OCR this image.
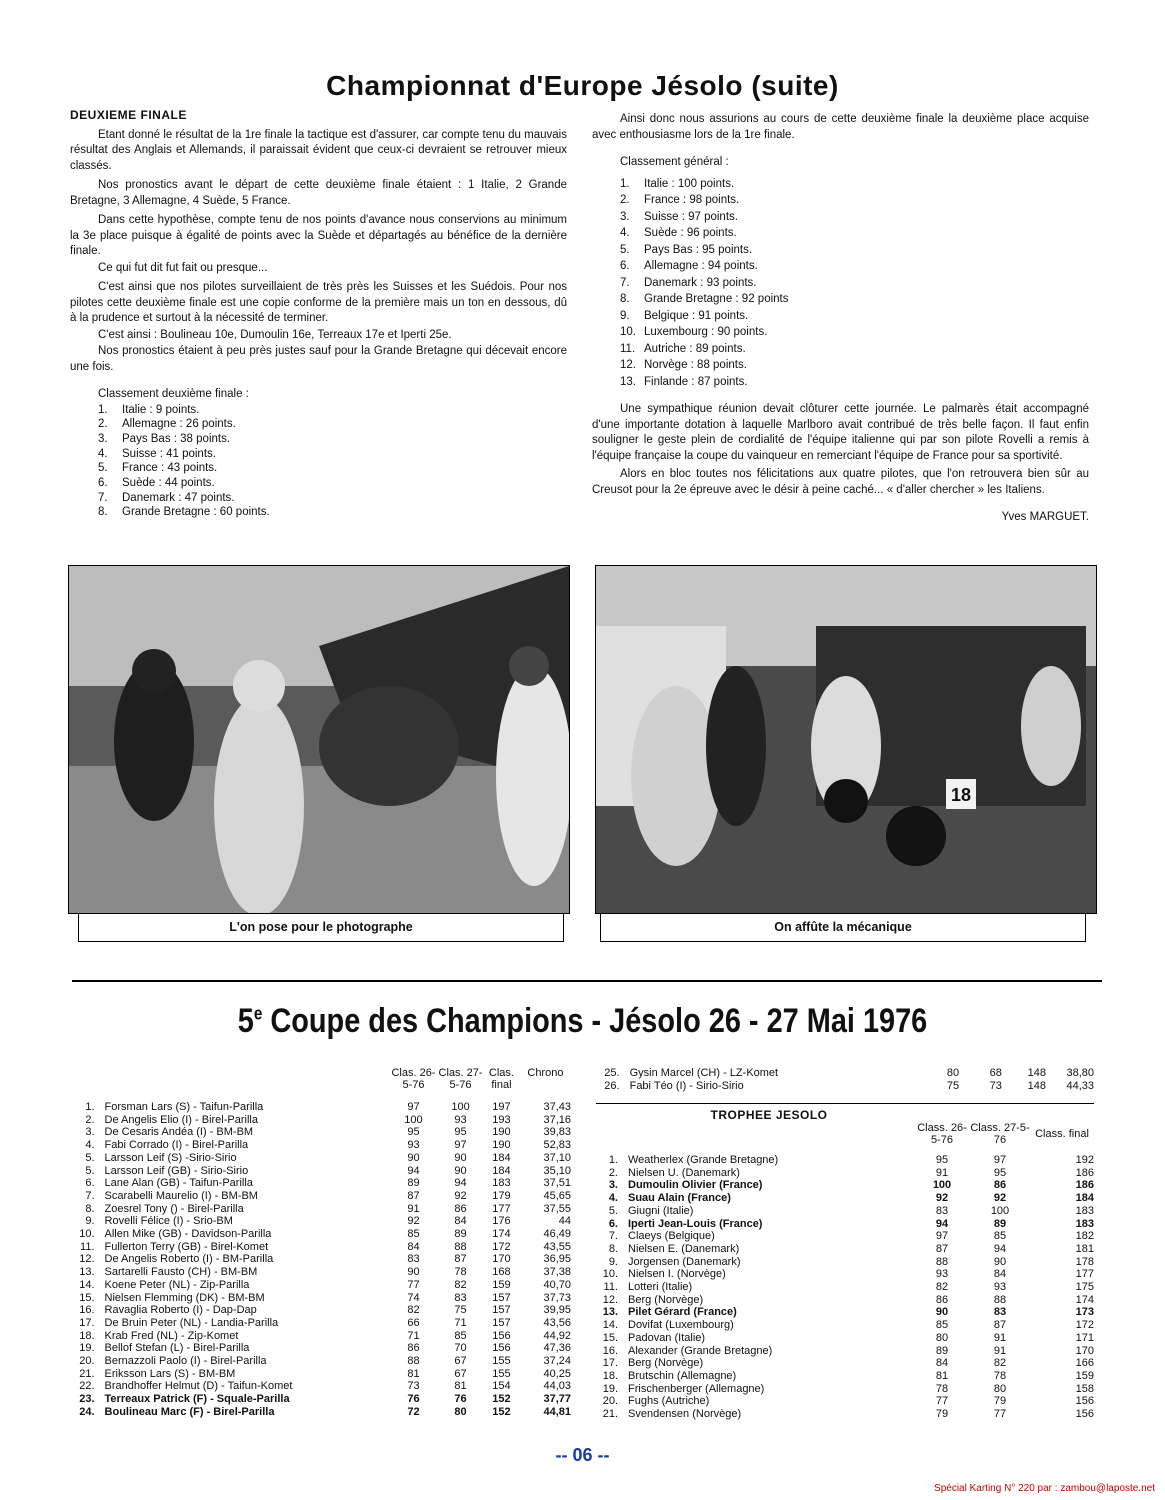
Championnat d'Europe Jésolo (suite)
DEUXIEME FINALE

Etant donné le résultat de la 1re finale la tactique est d'assurer, car compte tenu du mauvais résultat des Anglais et Allemands, il paraissait évident que ceux-ci devraient se retrouver mieux classés.

Nos pronostics avant le départ de cette deuxième finale étaient : 1 Italie, 2 Grande Bretagne, 3 Allemagne, 4 Suède, 5 France.

Dans cette hypothèse, compte tenu de nos points d'avance nous conservions au minimum la 3e place puisque à égalité de points avec la Suède et départagés au bénéfice de la dernière finale.

Ce qui fut dit fut fait ou presque...

C'est ainsi que nos pilotes surveillaient de très près les Suisses et les Suédois. Pour nos pilotes cette deuxième finale est une copie conforme de la première mais un ton en dessous, dû à la prudence et surtout à la nécessité de terminer.

C'est ainsi : Boulineau 10e, Dumoulin 16e, Terreaux 17e et Iperti 25e.

Nos pronostics étaient à peu près justes sauf pour la Grande Bretagne qui décevait encore une fois.

Classement deuxième finale :
1.	Italie : 9 points.
2.	Allemagne : 26 points.
3.	Pays Bas : 38 points.
4.	Suisse : 41 points.
5.	France : 43 points.
6.	Suède : 44 points.
7.	Danemark : 47 points.
8.	Grande Bretagne : 60 points.

Ainsi donc nous assurions au cours de cette deuxième finale la deuxième place acquise avec enthousiasme lors de la 1re finale.

Classement général :
1.	Italie : 100 points.
2.	France : 98 points.
3.	Suisse : 97 points.
4.	Suède : 96 points.
5.	Pays Bas : 95 points.
6.	Allemagne : 94 points.
7.	Danemark : 93 points.
8.	Grande Bretagne : 92 points
9.	Belgique : 91 points.
10. Luxembourg : 90 points.
11. Autriche : 89 points.
12. Norvège : 88 points.
13. Finlande : 87 points.

Une sympathique réunion devait clôturer cette journée. Le palmarès était accompagné d'une importante dotation à laquelle Marlboro avait contribué de très belle façon. Il faut enfin souligner le geste plein de cordialité de l'équipe italienne qui par son pilote Rovelli a remis à l'équipe française la coupe du vainqueur en remerciant l'équipe de France pour sa sportivité.

Alors en bloc toutes nos félicitations aux quatre pilotes, que l'on retrouvera bien sûr au Creusot pour la 2e épreuve avec le désir à peine caché... « d'aller chercher » les Italiens.

Yves MARGUET.
L'on pose pour le photographe
18
On affûte la mécanique
5e Coupe des Champions - Jésolo 26 - 27 Mai 1976
		Clas. 26-5-76	Clas. 27-5-76	Clas. final	Chrono

1.	Forsman Lars (S) - Taifun-Parilla	97	100	197	37,43
2.	De Angelis Elio (I) - Birel-Parilla	100	93	193	37,16
3.	De Cesaris Andéa (I) - BM-BM	95	95	190	39,83
4.	Fabi Corrado (I) - Birel-Parilla	93	97	190	52,83
5.	Larsson Leif (S) -Sirio-Sirio	90	90	184	37,10
5.	Larsson Leif (GB) - Sirio-Sirio	94	90	184	35,10
6.	Lane Alan (GB) - Taifun-Parilla	89	94	183	37,51
7.	Scarabelli Maurelio (I) - BM-BM	87	92	179	45,65
8.	Zoesrel Tony () - Birel-Parilla	91	86	177	37,55
9.	Rovelli Félice (I) - Srio-BM	92	84	176	44
10.	Allen Mike (GB) - Davidson-Parilla	85	89	174	46,49
11.	Fullerton Terry (GB) - Birel-Komet	84	88	172	43,55
12.	De Angelis Roberto (I) - BM-Parilla	83	87	170	36,95
13.	Sartarelli Fausto (CH) - BM-BM	90	78	168	37,38
14.	Koene Peter (NL) - Zip-Parilla	77	82	159	40,70
15.	Nielsen Flemming (DK) - BM-BM	74	83	157	37,73
16.	Ravaglia Roberto (I) - Dap-Dap	82	75	157	39,95
17.	De Bruin Peter (NL) - Landia-Parilla	66	71	157	43,56
18.	Krab Fred (NL) - Zip-Komet	71	85	156	44,92
19.	Bellof Stefan (L) - Birel-Parilla	86	70	156	47,36
20.	Bernazzoli Paolo (I) - Birel-Parilla	88	67	155	37,24
21.	Eriksson Lars (S) - BM-BM	81	67	155	40,25
22.	Brandhoffer Helmut (D) - Taifun-Komet	73	81	154	44,03
23.	Terreaux Patrick (F) - Squale-Parilla	76	76	152	37,77
24.	Boulineau Marc (F) - Birel-Parilla	72	80	152	44,81
25.	Gysin Marcel (CH) - LZ-Komet	80	68	148	38,80
26.	Fabi Téo (I) - Sirio-Sirio	75	73	148	44,33
TROPHEE JESOLO
		Class. 26-5-76	Class. 27-5-76	Class. final

1.	Weatherlex (Grande Bretagne)	95	97	192
2.	Nielsen U. (Danemark)	91	95	186
3.	Dumoulin Olivier (France)	100	86	186
4.	Suau Alain (France)	92	92	184
5.	Giugni (Italie)	83	100	183
6.	Iperti Jean-Louis (France)	94	89	183
7.	Claeys (Belgique)	97	85	182
8.	Nielsen E. (Danemark)	87	94	181
9.	Jorgensen (Danemark)	88	90	178
10.	Nielsen I. (Norvège)	93	84	177
11.	Lotteri (Italie)	82	93	175
12.	Berg (Norvège)	86	88	174
13.	Pilet Gérard (France)	90	83	173
14.	Dovifat (Luxembourg)	85	87	172
15.	Padovan (Italie)	80	91	171
16.	Alexander (Grande Bretagne)	89	91	170
17.	Berg (Norvège)	84	82	166
18.	Brutschin (Allemagne)	81	78	159
19.	Frischenberger (Allemagne)	78	80	158
20.	Fughs (Autriche)	77	79	156
21.	Svendensen (Norvège)	79	77	156
-- 06 --
Spécial Karting N° 220 par : zambou@laposte.net
